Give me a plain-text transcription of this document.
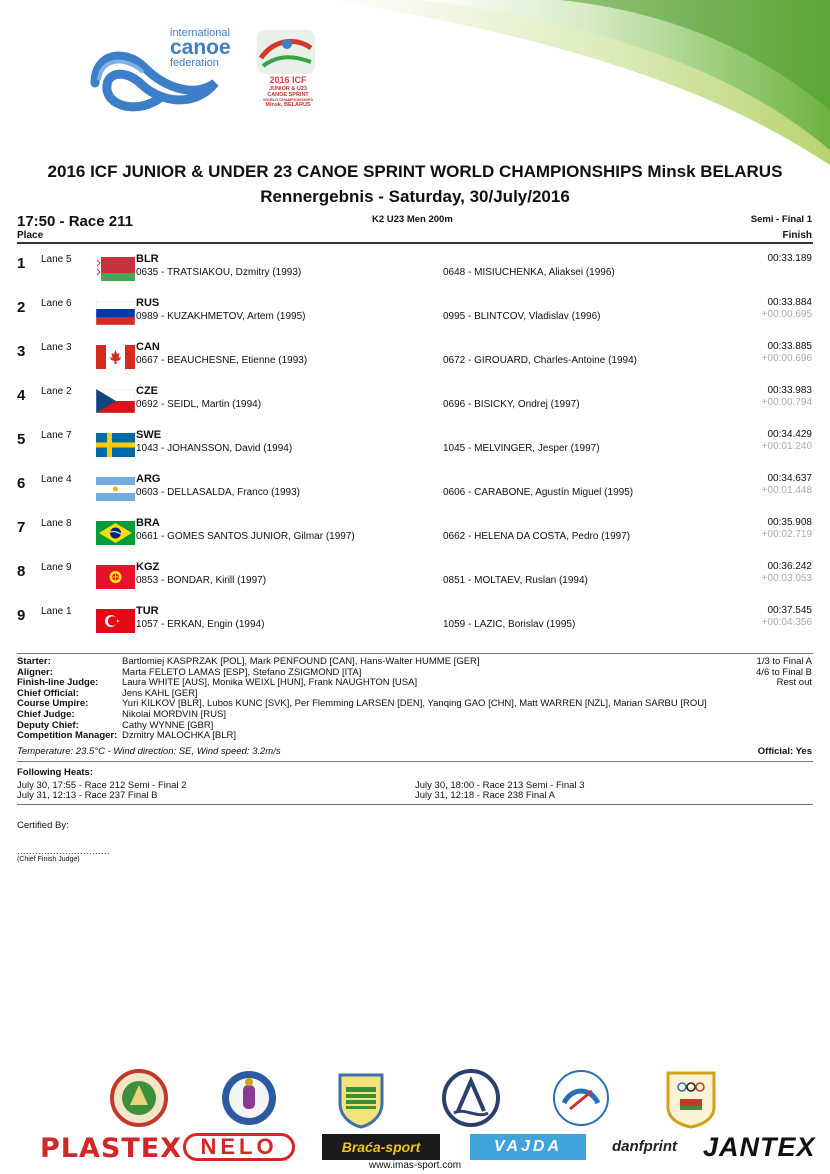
international
canoe
federation
2016 ICF
JUNIOR & U23
CANOE SPRINT
WORLD CHAMPIONSHIPS
Minsk, BELARUS
2016 ICF JUNIOR & UNDER 23 CANOE SPRINT WORLD CHAMPIONSHIPS Minsk BELARUS
Rennergebnis - Saturday, 30/July/2016
17:50 - Race 211
Place
K2 U23 Men 200m	Semi - Final 1
Finish
1 Lane 5	BLR
0635 - TRATSIAKOU, Dzmitry (1993)	0648 - MISIUCHENKA, Aliaksei (1996)
00:33.189
2 Lane 6	RUS
0989 - KUZAKHMETOV, Artem (1995)	0995 - BLINTCOV, Vladislav (1996)
00:33.884
+00:00.695
3 Lane 3	CAN
0667 - BEAUCHESNE, Etienne (1993)	0672 - GIROUARD, Charles-Antoine (1994)
00:33.885
+00:00.696
4 Lane 2	CZE
0692 - SEIDL, Martin (1994)	0696 - BISICKY, Ondrej (1997)
00:33.983
+00:00.794
5 Lane 7	SWE
1043 - JOHANSSON, David (1994)	1045 - MELVINGER, Jesper (1997)
00:34.429
+00:01.240
6 Lane 4	ARG
0603 - DELLASALDA, Franco (1993)	0606 - CARABONE, Agustín Miguel (1995)
00:34.637
+00:01.448
7 Lane 8	BRA
0661 - GOMES SANTOS JUNIOR, Gilmar (1997)	0662 - HELENA DA COSTA, Pedro (1997)
00:35.908
+00:02.719
8 Lane 9	KGZ
0853 - BONDAR, Kirill (1997)	0851 - MOLTAEV, Ruslan (1994)
00:36.242
+00:03.053
9 Lane 1	TUR
1057 - ERKAN, Engin (1994)	1059 - LAZIC, Borislav (1995)
00:37.545
+00:04.356
Starter:	Bartlomiej KASPRZAK [POL], Mark PENFOUND [CAN], Hans-Walter HUMME [GER]
Aligner:	Marta FELETO LAMAS [ESP], Stefano ZSIGMOND [ITA]
Finish-line Judge:	Laura WHITE [AUS], Monika WEIXL [HUN], Frank NAUGHTON [USA]
Chief Official:	Jens KAHL [GER]
Course Umpire:	Yuri KILKOV [BLR], Lubos KUNC [SVK], Per Flemming LARSEN [DEN], Yanqing GAO [CHN], Matt WARREN [NZL], Marian SARBU [ROU]
Chief Judge:	Nikolai MORDVIN [RUS]
Deputy Chief:	Cathy WYNNE [GBR]
Competition Manager: Dzmitry MALOCHKA [BLR]
1/3 to Final A
4/6 to Final B
Rest out
Temperature: 23.5°C - Wind direction: SE, Wind speed: 3.2m/s	Official: Yes
Following Heats:
July 30, 17:55 - Race 212 Semi - Final 2	July 30, 18:00 - Race 213 Semi - Final 3
July 31, 12:13 - Race 237 Final B	July 31, 12:18 - Race 238 Final A
Certified By:
...............................
(Chief Finish Judge)
PLASTEX NELO	Braća-sport	VAJDA	danfprint JANTEX
www.imas-sport.com
